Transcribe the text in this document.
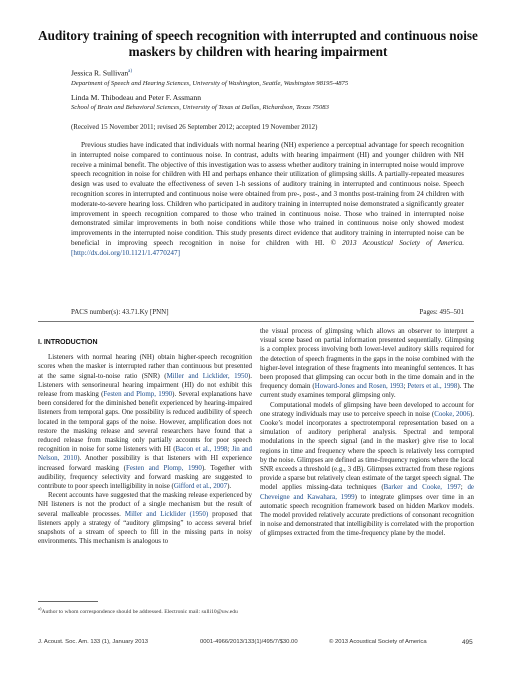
Auditory training of speech recognition with interrupted and continuous noise maskers by children with hearing impairment
Jessica R. Sullivan$^{a)}$
Department of Speech and Hearing Sciences, University of Washington, Seattle, Washington 98195-4875
Linda M. Thibodeau and Peter F. Assmann
School of Brain and Behavioral Sciences, University of Texas at Dallas, Richardson, Texas 75083
(Received 15 November 2011; revised 26 September 2012; accepted 19 November 2012)

Previous studies have indicated that individuals with normal hearing (NH) experience a perceptual advantage for speech recognition in interrupted noise compared to continuous noise. In contrast, adults with hearing impairment (HI) and younger children with NH receive a minimal benefit. The objective of this investigation was to assess whether auditory training in interrupted noise would improve speech recognition in noise for children with HI and perhaps enhance their utilization of glimpsing skills. A partially-repeated measures design was used to evaluate the effectiveness of seven 1-h sessions of auditory training in interrupted and continuous noise. Speech recognition scores in interrupted and continuous noise were obtained from pre-, post-, and 3 months post-training from 24 children with moderate-to-severe hearing loss. Children who participated in auditory training in interrupted noise demonstrated a significantly greater improvement in speech recognition compared to those who trained in continuous noise. Those who trained in interrupted noise demonstrated similar improvements in both noise conditions while those who trained in continuous noise only showed modest improvements in the interrupted noise condition. This study presents direct evidence that auditory training in interrupted noise can be beneficial in improving speech recognition in noise for children with HI. © 2013 Acoustical Society of America. [http://dx.doi.org/10.1121/1.4770247]

PACS number(s): 43.71.Ky [PNN]	Pages: 495–501
I. INTRODUCTION

Listeners with normal hearing (NH) obtain higher-speech recognition scores when the masker is interrupted rather than continuous but presented at the same signal-to-noise ratio (SNR) (Miller and Licklider, 1950). Listeners with sensorineural hearing impairment (HI) do not exhibit this release from masking (Festen and Plomp, 1990). Several explanations have been considered for the diminished benefit experienced by hearing-impaired listeners from temporal gaps. One possibility is reduced audibility of speech located in the temporal gaps of the noise. However, amplification does not restore the masking release and several researchers have found that a reduced release from masking only partially accounts for poor speech recognition in noise for some listeners with HI (Bacon et al., 1998; Jin and Nelson, 2010). Another possibility is that listeners with HI experience increased forward masking (Festen and Plomp, 1990). Together with audibility, frequency selectivity and forward masking are suggested to contribute to poor speech intelligibility in noise (Gifford et al., 2007).

Recent accounts have suggested that the masking release experienced by NH listeners is not the product of a single mechanism but the result of several malleable processes. Miller and Licklider (1950) proposed that listeners apply a strategy of “auditory glimpsing” to access several brief snapshots of a stream of speech to fill in the missing parts in noisy environments. This mechanism is analogous to

the visual process of glimpsing which allows an observer to interpret a visual scene based on partial information presented sequentially. Glimpsing is a complex process involving both lower-level auditory skills required for the detection of speech fragments in the gaps in the noise combined with the higher-level integration of these fragments into meaningful sentences. It has been proposed that glimpsing can occur both in the time domain and in the frequency domain (Howard-Jones and Rosen, 1993; Peters et al., 1998). The current study examines temporal glimpsing only.

Computational models of glimpsing have been developed to account for one strategy individuals may use to perceive speech in noise (Cooke, 2006). Cooke’s model incorporates a spectrotemporal representation based on a simulation of auditory peripheral analysis. Spectral and temporal modulations in the speech signal (and in the masker) give rise to local regions in time and frequency where the speech is relatively less corrupted by the noise. Glimpses are defined as time-frequency regions where the local SNR exceeds a threshold (e.g., 3 dB). Glimpses extracted from these regions provide a sparse but relatively clean estimate of the target speech signal. The model applies missing-data techniques (Barker and Cooke, 1997; de Cheveigne and Kawahara, 1999) to integrate glimpses over time in an automatic speech recognition framework based on hidden Markov models. The model provided relatively accurate predictions of consonant recognition in noise and demonstrated that intelligibility is correlated with the proportion of glimpses extracted from the time-frequency plane by the model.

$^{a)}$Author to whom correspondence should be addressed. Electronic mail: sulli10@uw.edu
J. Acoust. Soc. Am. 133 (1), January 2013	0001-4966/2013/133(1)/495/7/$30.00	© 2013 Acoustical Society of America	495
